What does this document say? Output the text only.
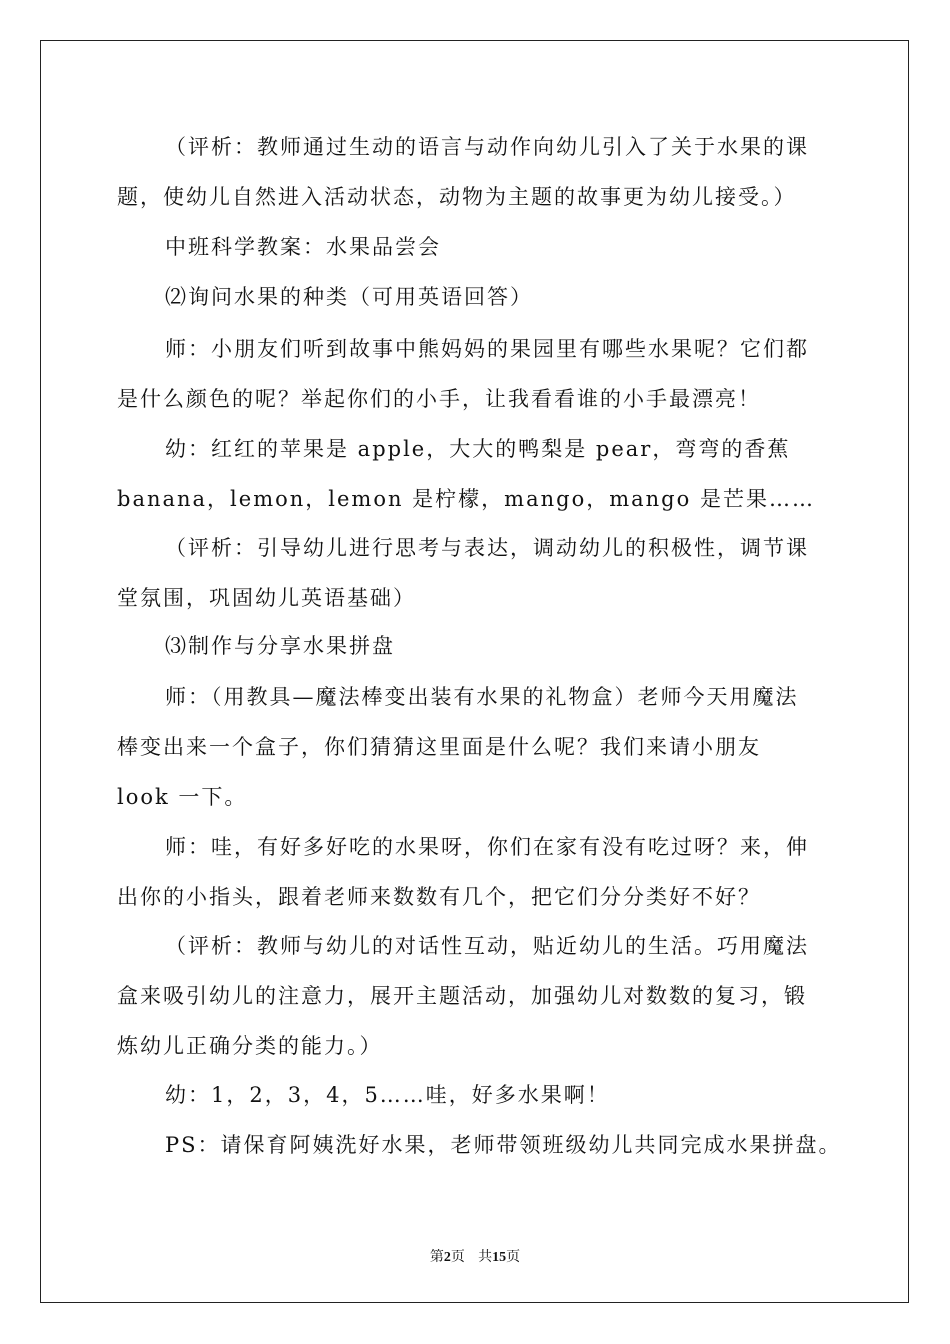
（评析：教师通过生动的语言与动作向幼儿引入了关于水果的课
题，使幼儿自然进入活动状态，动物为主题的故事更为幼儿接受。）

中班科学教案：水果品尝会

⑵询问水果的种类（可用英语回答）

师：小朋友们听到故事中熊妈妈的果园里有哪些水果呢？它们都
是什么颜色的呢？举起你们的小手，让我看看谁的小手最漂亮！

幼：红红的苹果是 apple，大大的鸭梨是 pear，弯弯的香蕉
banana，lemon，lemon 是柠檬，mango，mango 是芒果……

（评析：引导幼儿进行思考与表达，调动幼儿的积极性，调节课
堂氛围，巩固幼儿英语基础）

⑶制作与分享水果拼盘

师：（用教具—魔法棒变出装有水果的礼物盒）老师今天用魔法
棒变出来一个盒子，你们猜猜这里面是什么呢？我们来请小朋友
look 一下。

师：哇，有好多好吃的水果呀，你们在家有没有吃过呀？来，伸
出你的小指头，跟着老师来数数有几个，把它们分分类好不好？

（评析：教师与幼儿的对话性互动，贴近幼儿的生活。巧用魔法
盒来吸引幼儿的注意力，展开主题活动，加强幼儿对数数的复习，锻
炼幼儿正确分类的能力。）

幼：1，2，3，4，5……哇，好多水果啊！

PS：请保育阿姨洗好水果，老师带领班级幼儿共同完成水果拼盘。

第2页 共15页
